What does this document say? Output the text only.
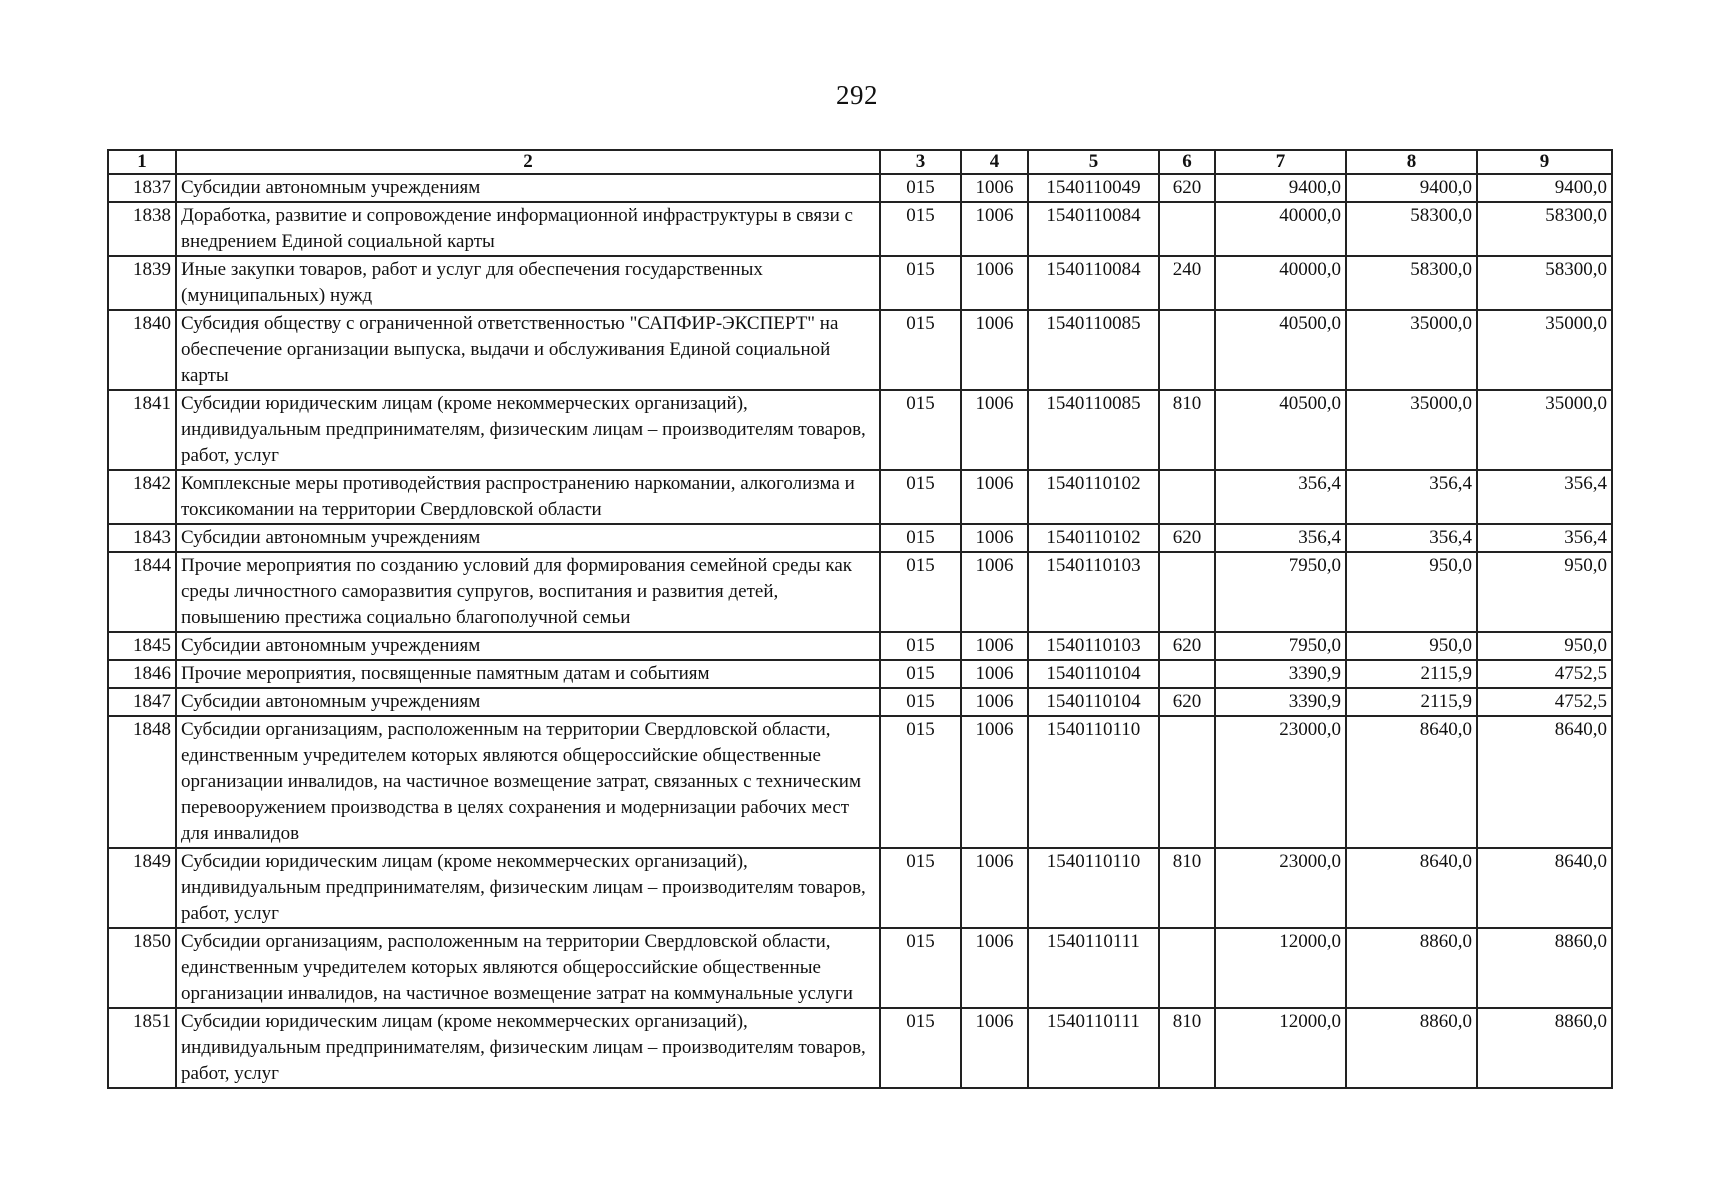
292
1	2	3	4	5	6	7	8	9
1837	Субсидии автономным учреждениям	015	1006	1540110049	620	9400,0	9400,0	9400,0
1838	Доработка, развитие и сопровождение информационной инфраструктуры в связи с внедрением Единой социальной карты	015	1006	1540110084		40000,0	58300,0	58300,0
1839	Иные закупки товаров, работ и услуг для обеспечения государственных (муниципальных) нужд	015	1006	1540110084	240	40000,0	58300,0	58300,0
1840	Субсидия обществу с ограниченной ответственностью "САПФИР-ЭКСПЕРТ" на обеспечение организации выпуска, выдачи и обслуживания Единой социальной карты	015	1006	1540110085		40500,0	35000,0	35000,0
1841	Субсидии юридическим лицам (кроме некоммерческих организаций), индивидуальным предпринимателям, физическим лицам – производителям товаров, работ, услуг	015	1006	1540110085	810	40500,0	35000,0	35000,0
1842	Комплексные меры противодействия распространению наркомании, алкоголизма и токсикомании на территории Свердловской области	015	1006	1540110102		356,4	356,4	356,4
1843	Субсидии автономным учреждениям	015	1006	1540110102	620	356,4	356,4	356,4
1844	Прочие мероприятия по созданию условий для формирования семейной среды как среды личностного саморазвития супругов, воспитания и развития детей, повышению престижа социально благополучной семьи	015	1006	1540110103		7950,0	950,0	950,0
1845	Субсидии автономным учреждениям	015	1006	1540110103	620	7950,0	950,0	950,0
1846	Прочие мероприятия, посвященные памятным датам и событиям	015	1006	1540110104		3390,9	2115,9	4752,5
1847	Субсидии автономным учреждениям	015	1006	1540110104	620	3390,9	2115,9	4752,5
1848	Субсидии организациям, расположенным на территории Свердловской области, единственным учредителем которых являются общероссийские общественные организации инвалидов, на частичное возмещение затрат, связанных с техническим перевооружением производства в целях сохранения и модернизации рабочих мест для инвалидов	015	1006	1540110110		23000,0	8640,0	8640,0
1849	Субсидии юридическим лицам (кроме некоммерческих организаций), индивидуальным предпринимателям, физическим лицам – производителям товаров, работ, услуг	015	1006	1540110110	810	23000,0	8640,0	8640,0
1850	Субсидии организациям, расположенным на территории Свердловской области, единственным учредителем которых являются общероссийские общественные организации инвалидов, на частичное возмещение затрат на коммунальные услуги	015	1006	1540110111		12000,0	8860,0	8860,0
1851	Субсидии юридическим лицам (кроме некоммерческих организаций), индивидуальным предпринимателям, физическим лицам – производителям товаров, работ, услуг	015	1006	1540110111	810	12000,0	8860,0	8860,0
